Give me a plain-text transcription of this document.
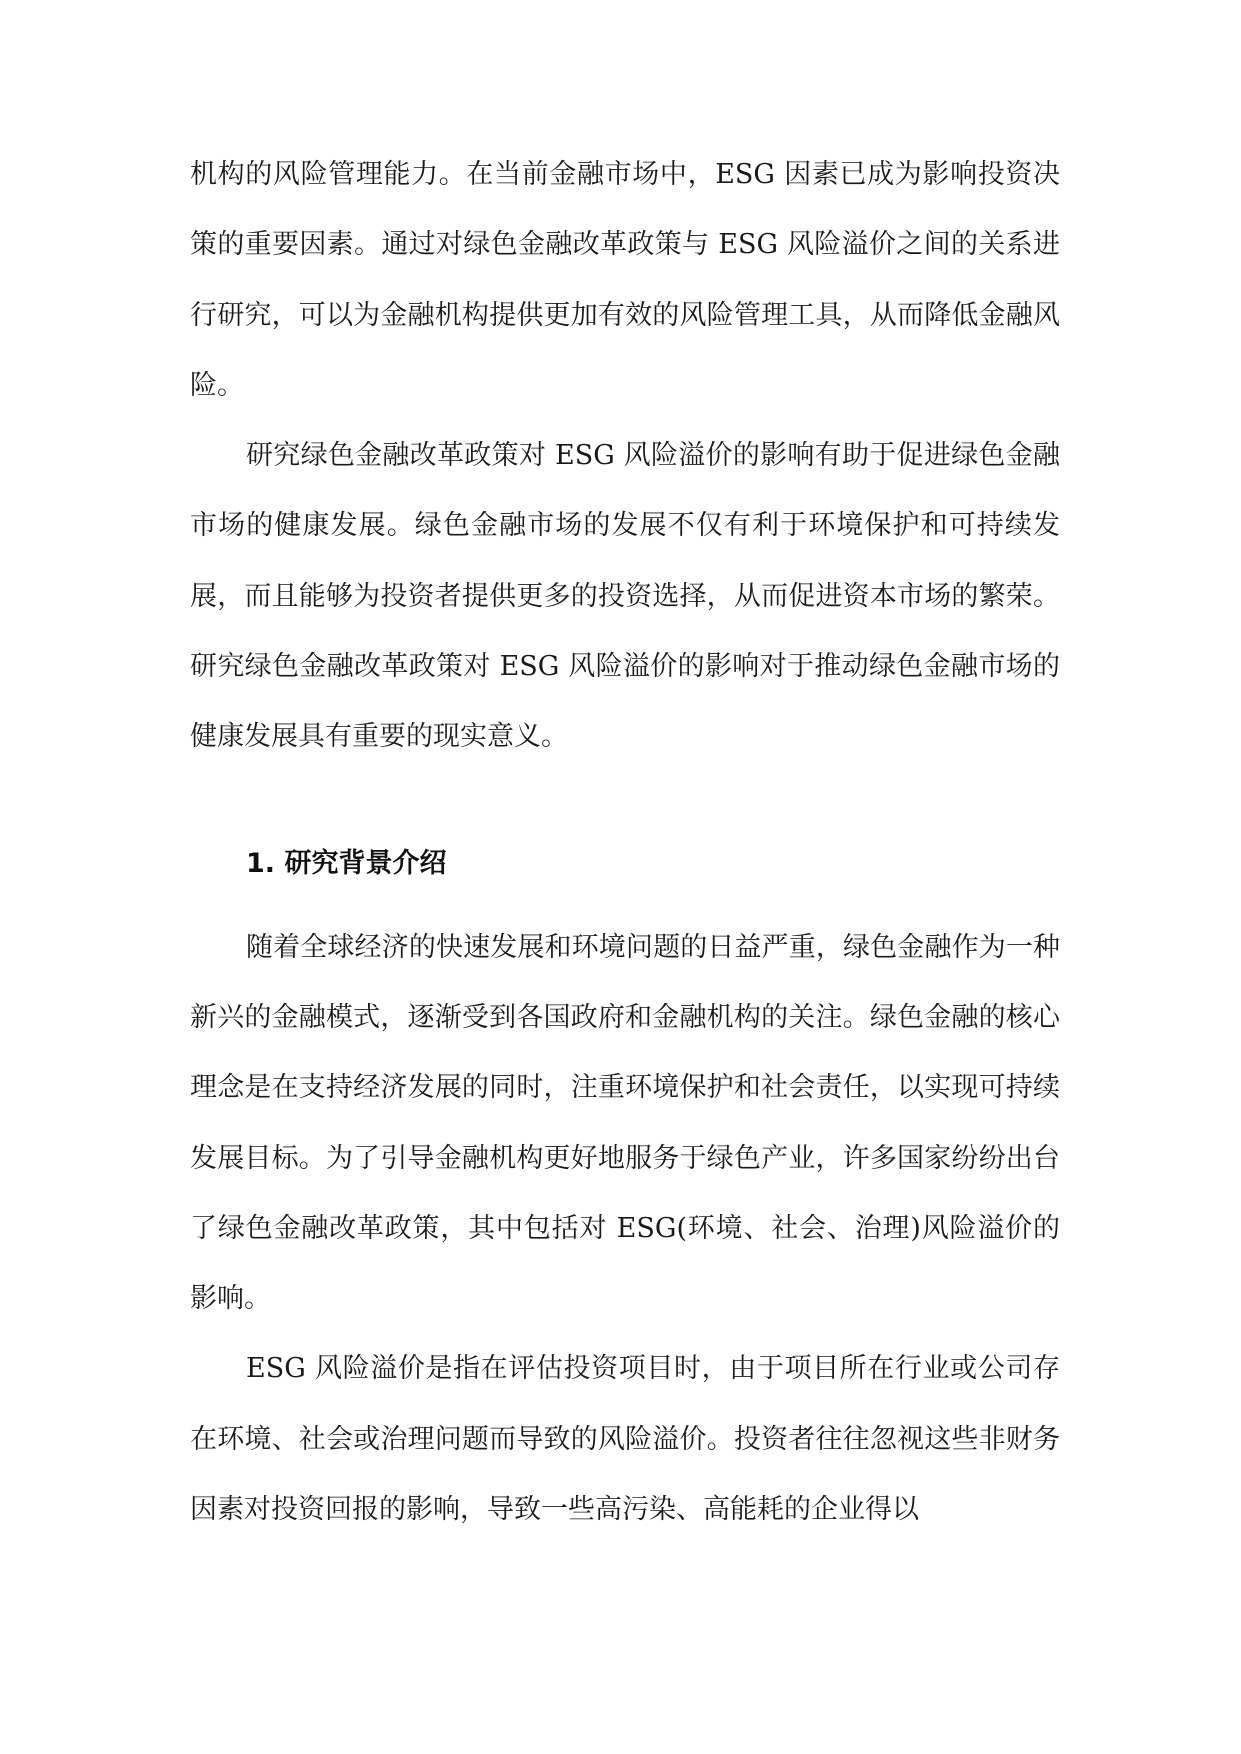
机构的风险管理能力。在当前金融市场中，ESG 因素已成为影响投资决策的重要因素。通过对绿色金融改革政策与 ESG 风险溢价之间的关系进行研究，可以为金融机构提供更加有效的风险管理工具，从而降低金融风险。

研究绿色金融改革政策对 ESG 风险溢价的影响有助于促进绿色金融市场的健康发展。绿色金融市场的发展不仅有利于环境保护和可持续发展，而且能够为投资者提供更多的投资选择，从而促进资本市场的繁荣。研究绿色金融改革政策对 ESG 风险溢价的影响对于推动绿色金融市场的健康发展具有重要的现实意义。

1. 研究背景介绍

随着全球经济的快速发展和环境问题的日益严重，绿色金融作为一种新兴的金融模式，逐渐受到各国政府和金融机构的关注。绿色金融的核心理念是在支持经济发展的同时，注重环境保护和社会责任，以实现可持续发展目标。为了引导金融机构更好地服务于绿色产业，许多国家纷纷出台了绿色金融改革政策，其中包括对 ESG(环境、社会、治理)风险溢价的影响。

ESG 风险溢价是指在评估投资项目时，由于项目所在行业或公司存在环境、社会或治理问题而导致的风险溢价。投资者往往忽视这些非财务因素对投资回报的影响，导致一些高污染、高能耗的企业得以
